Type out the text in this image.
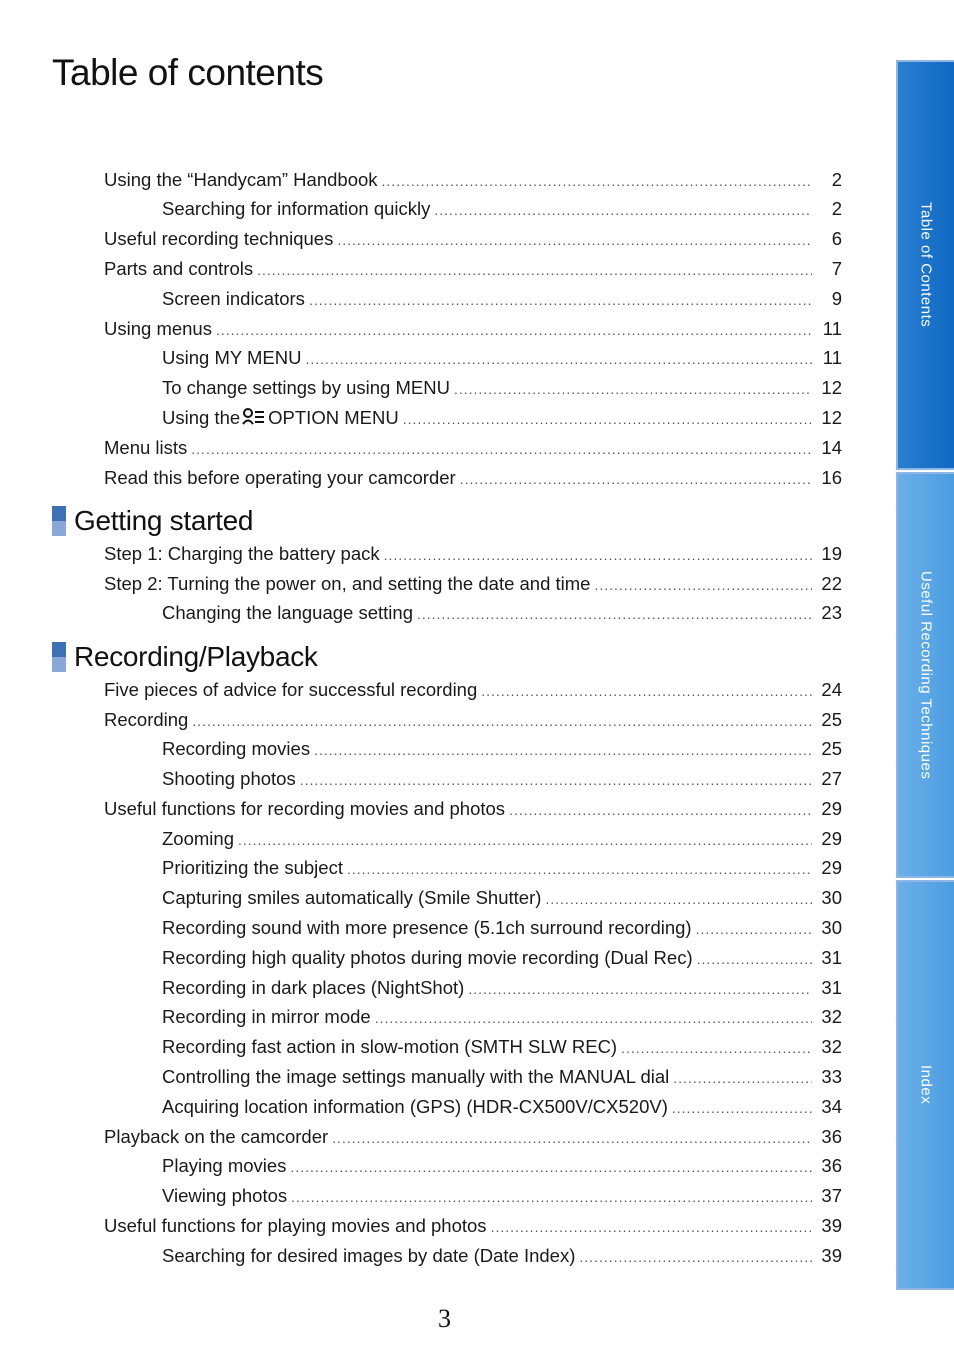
Table of contents
Using the “Handycam” Handbook .....	2
Searching for information quickly .....	2
Useful recording techniques .....	6
Parts and controls .....	7
Screen indicators .....	9
Using menus .....	11
Using MY MENU .....	11
To change settings by using MENU .....	12
Using the OPTION MENU .....	12
Menu lists .....	14
Read this before operating your camcorder .....	16
Getting started
Step 1: Charging the battery pack .....	19
Step 2: Turning the power on, and setting the date and time .....	22
Changing the language setting .....	23
Recording/Playback
Five pieces of advice for successful recording .....	24
Recording .....	25
Recording movies .....	25
Shooting photos .....	27
Useful functions for recording movies and photos .....	29
Zooming .....	29
Prioritizing the subject .....	29
Capturing smiles automatically (Smile Shutter) .....	30
Recording sound with more presence (5.1ch surround recording) .....	30
Recording high quality photos during movie recording (Dual Rec) .....	31
Recording in dark places (NightShot) .....	31
Recording in mirror mode .....	32
Recording fast action in slow-motion (SMTH SLW REC) .....	32
Controlling the image settings manually with the MANUAL dial .....	33
Acquiring location information (GPS) (HDR-CX500V/CX520V) .....	34
Playback on the camcorder .....	36
Playing movies .....	36
Viewing photos .....	37
Useful functions for playing movies and photos .....	39
Searching for desired images by date (Date Index) .....	39
3
Table of Contents
Useful Recording Techniques
Index
